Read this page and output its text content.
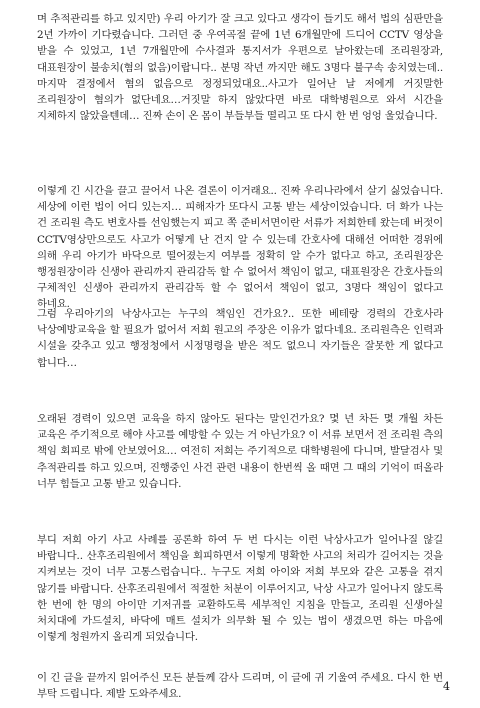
며 추적관리를 하고 있지만) 우리 아기가 잘 크고 있다고 생각이 들기도 해서 법의 심판만을 2년 가까이 기다렸습니다. 그러던 중 우여곡절 끝에 1년 6개월만에 드디어 CCTV 영상을 받을 수 있었고, 1년 7개월만에 수사결과 통지서가 우편으로 날아왔는데 조리원장과, 대표원장이 불송치(혐의 없음)이랍니다.. 분명 작년 까지만 해도 3명다 불구속 송치였는데.. 마지막 결정에서 혐의 없음으로 정정되었대요..사고가 일어난 날 저에게 거짓말한 조리원장이 혐의가 없단네요…거짓말 하지 않았다면 바로 대학병원으로 와서 시간을 지체하지 않았을텐데… 진짜 손이 온 몸이 부들부들 떨리고 또 다시 한 번 엉엉 울었습니다.

이렇게 긴 시간을 끌고 끌어서 나온 결론이 이거래요.. 진짜 우리나라에서 살기 싫었습니다. 세상에 이런 법이 어디 있는지… 피해자가 또다시 고통 받는 세상이었습니다. 더 화가 나는 건 조리원 측도 변호사를 선임했는지 피고 쪽 준비서면이란 서류가 저희한테 왔는데 버젓이 CCTV영상만으로도 사고가 어떻게 난 건지 알 수 있는데 간호사에 대해선 어떠한 경위에 의해 우리 아기가 바닥으로 떨어졌는지 여부를 정확히 알 수가 없다고 하고, 조리원장은 행정원장이라 신생아 관리까지 관리감독 할 수 없어서 책임이 없고, 대표원장은 간호사들의 구체적인 신생아 관리까지 관리감독 할 수 없어서 책임이 없고, 3명다 책임이 없다고 하네요.

그럼 우리아기의 낙상사고는 누구의 책임인 건가요?.. 또한 베테랑 경력의 간호사라 낙상예방교육을 할 필요가 없어서 저희 원고의 주장은 이유가 없다네요. 조리원측은 인력과 시설을 갖추고 있고 행정청에서 시정명령을 받은 적도 없으니 자기들은 잘못한 게 없다고 합니다…

오래된 경력이 있으면 교육을 하지 않아도 된다는 말인건가요? 몇 년 차든 몇 개월 차든 교육은 주기적으로 해야 사고를 예방할 수 있는 거 아닌가요? 이 서류 보면서 전 조리원 측의 책임 회피로 밖에 안보였어요… 여전히 저희는 주기적으로 대학병원에 다니며, 발달검사 및 추적관리를 하고 있으며, 진행중인 사건 관련 내용이 한번씩 올 때면 그 때의 기억이 떠올라 너무 힘들고 고통 받고 있습니다.

부디 저희 아기 사고 사례를 공론화 하여 두 번 다시는 이런 낙상사고가 일어나질 않길 바랍니다.. 산후조리원에서 책임을 회피하면서 이렇게 명확한 사고의 처리가 길어지는 것을 지켜보는 것이 너무 고통스럽습니다.. 누구도 저희 아이와 저희 부모와 같은 고통을 겪지 않기를 바랍니다. 산후조리원에서 적절한 처분이 이루어지고, 낙상 사고가 일어나지 않도록 한 번에 한 명의 아이만 기저귀를 교환하도록 세부적인 지침을 만들고, 조리원 신생아실 처치대에 가드설치, 바닥에 매트 설치가 의무화 될 수 있는 법이 생겼으면 하는 마음에 이렇게 청원까지 올리게 되었습니다.

이 긴 글을 끝까지 읽어주신 모든 분들께 감사 드리며, 이 글에 귀 기울여 주세요. 다시 한 번 부탁 드립니다. 제발 도와주세요.

4
